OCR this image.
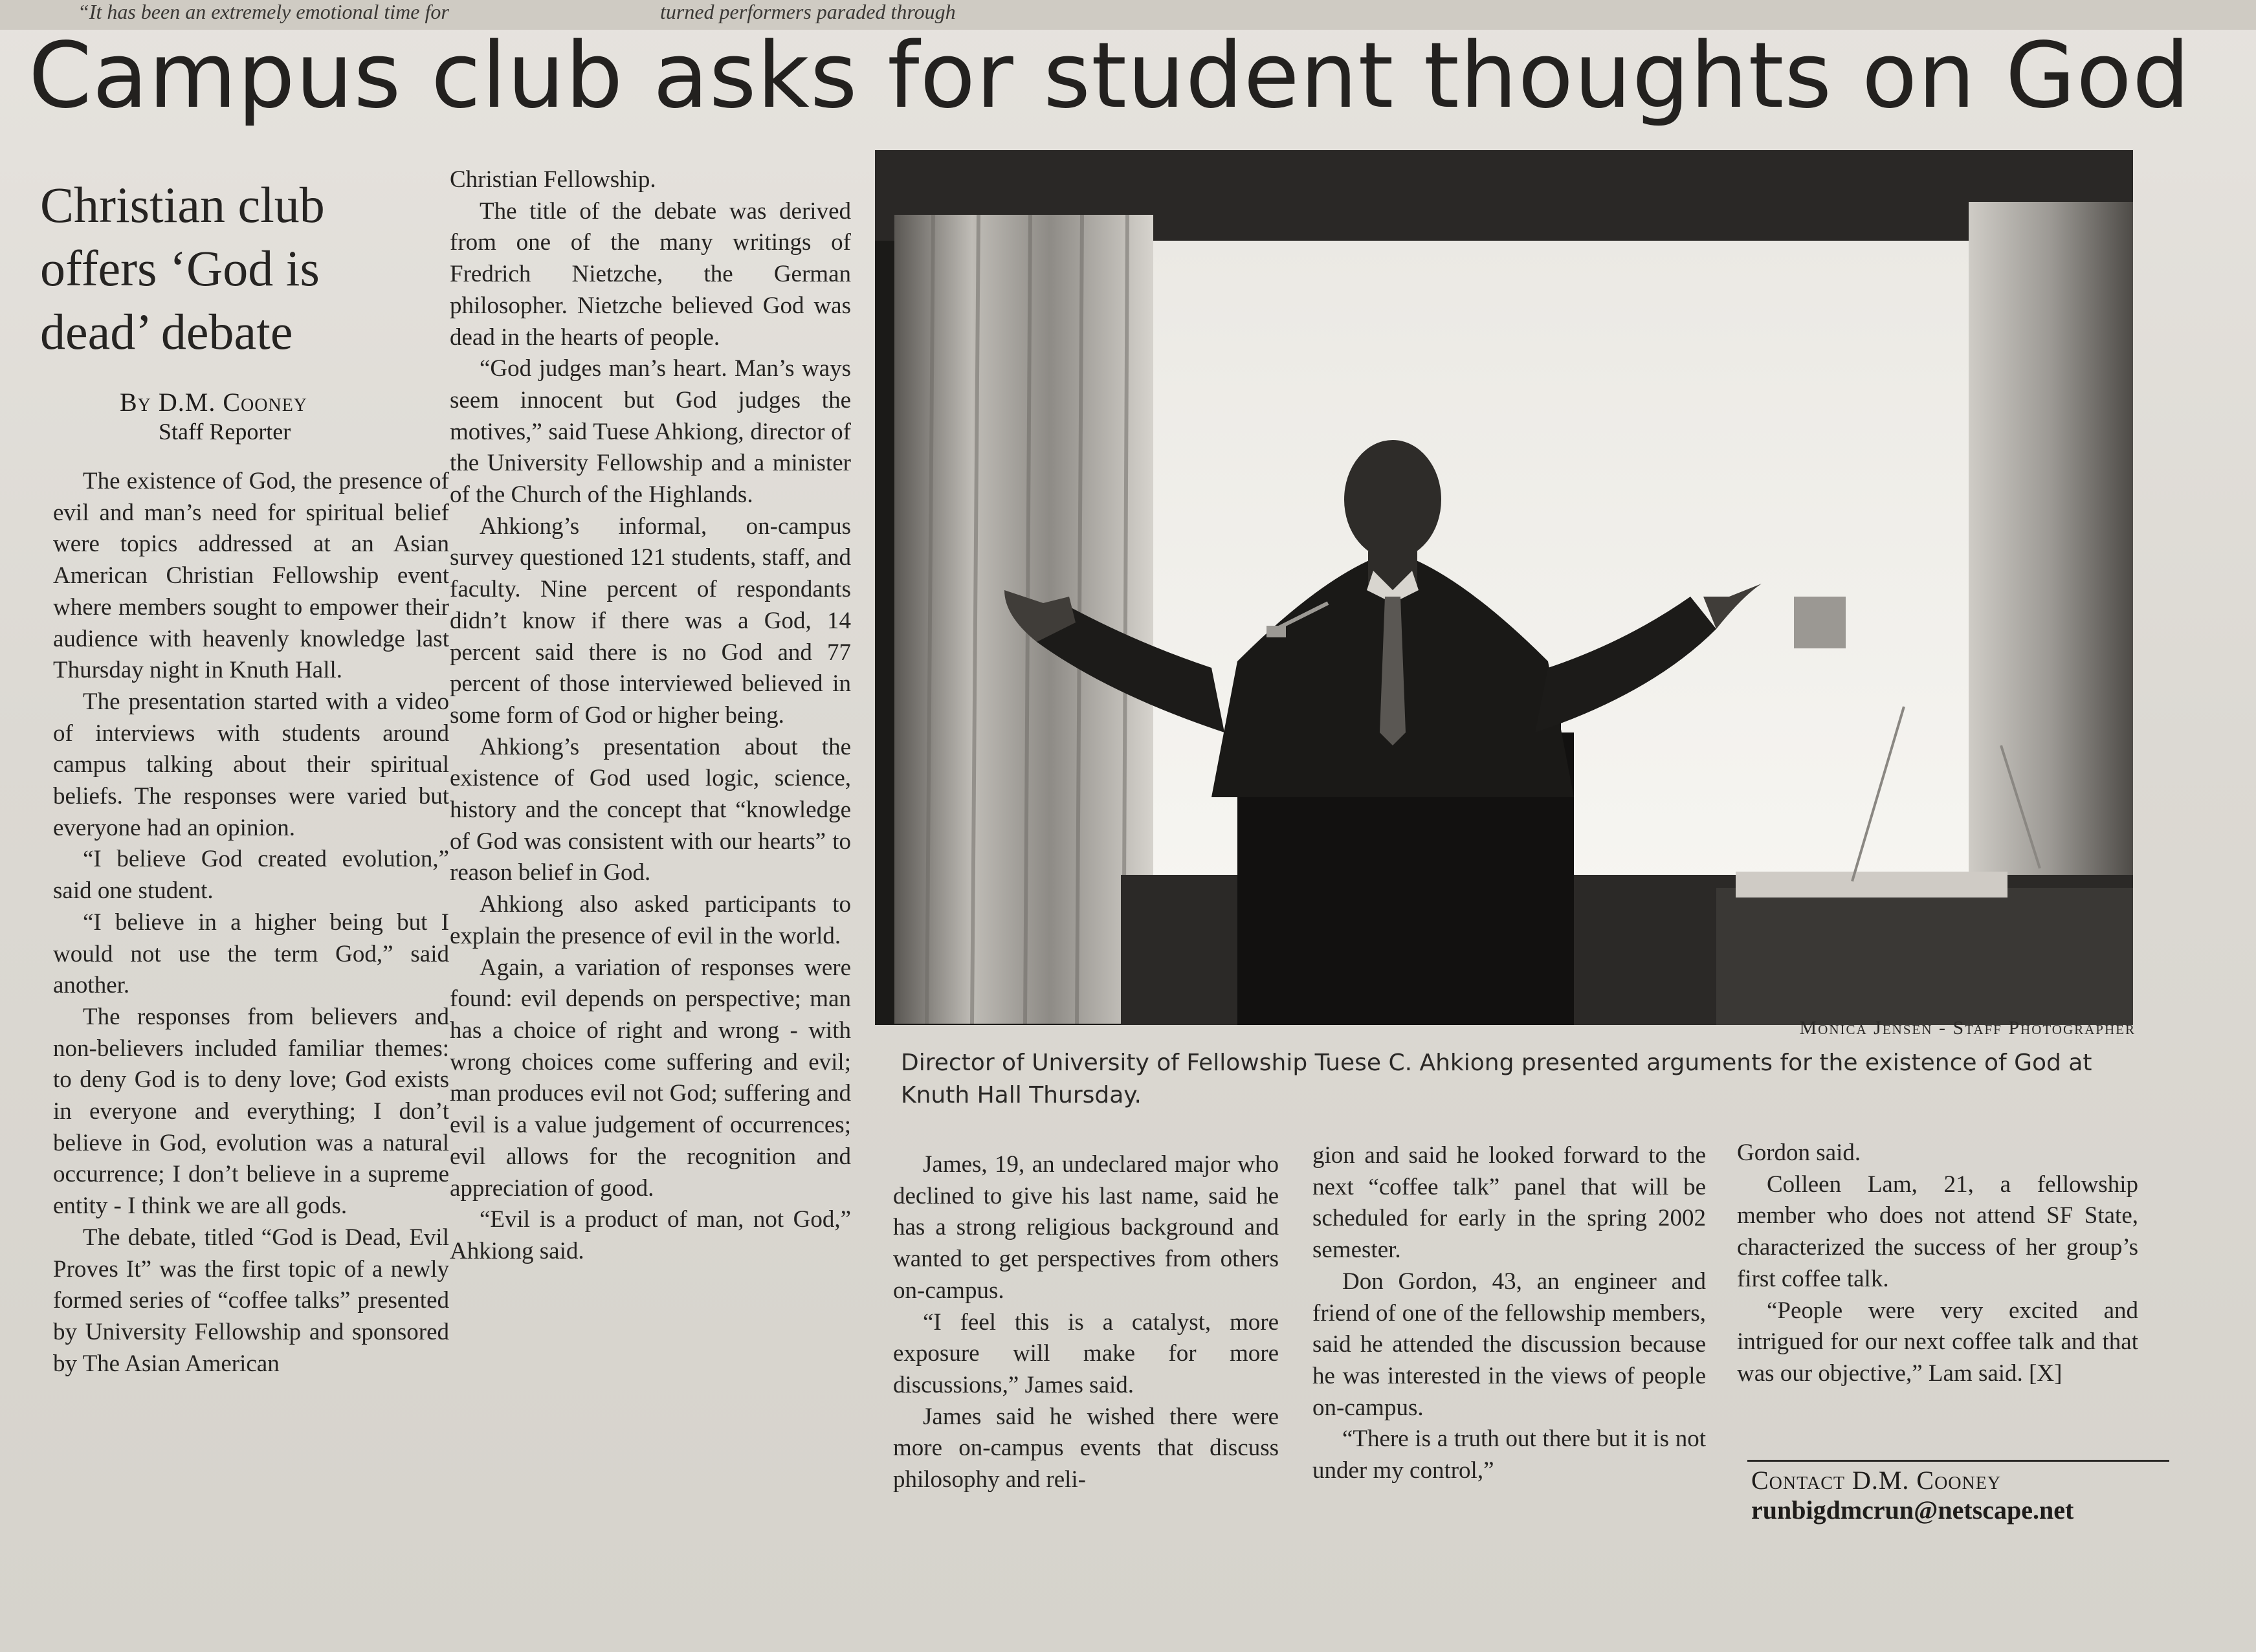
“It has been an extremely emotional time for	turned performers paraded through
Campus club asks for student thoughts on God
Christian club offers ‘God is dead’ debate
By D.M. Cooney
Staff Reporter

The existence of God, the presence of evil and man’s need for spiritual belief were topics addressed at an Asian American Christian Fellowship event where members sought to empower their audience with heavenly knowledge last Thursday night in Knuth Hall.

The presentation started with a video of interviews with students around campus talking about their spiritual beliefs. The responses were varied but everyone had an opinion.

“I believe God created evolution,” said one student.

“I believe in a higher being but I would not use the term God,” said another.

The responses from believers and non-believers included familiar themes: to deny God is to deny love; God exists in everyone and everything; I don’t believe in God, evolution was a natural occurrence; I don’t believe in a supreme entity - I think we are all gods.

The debate, titled “God is Dead, Evil Proves It” was the first topic of a newly formed series of “coffee talks” presented by University Fellowship and sponsored by The Asian American

Christian Fellowship.

The title of the debate was derived from one of the many writings of Fredrich Nietzche, the German philosopher. Nietzche believed God was dead in the hearts of people.

“God judges man’s heart. Man’s ways seem innocent but God judges the motives,” said Tuese Ahkiong, director of the University Fellowship and a minister of the Church of the Highlands.

Ahkiong’s informal, on-campus survey questioned 121 students, staff, and faculty. Nine percent of respondants didn’t know if there was a God, 14 percent said there is no God and 77 percent of those interviewed believed in some form of God or higher being.

Ahkiong’s presentation about the existence of God used logic, science, history and the concept that “knowledge of God was consistent with our hearts” to reason belief in God.

Ahkiong also asked participants to explain the presence of evil in the world.

Again, a variation of responses were found: evil depends on perspective; man has a choice of right and wrong - with wrong choices come suffering and evil; man produces evil not God; suffering and evil is a value judgement of occurrences; evil allows for the recognition and appreciation of good.

“Evil is a product of man, not God,” Ahkiong said.

Monica Jensen - Staff Photographer
Director of University of Fellowship Tuese C. Ahkiong presented arguments for the existence of God at Knuth Hall Thursday.

James, 19, an undeclared major who declined to give his last name, said he has a strong religious background and wanted to get perspectives from others on-campus.

“I feel this is a catalyst, more exposure will make for more discussions,” James said.

James said he wished there were more on-campus events that discuss philosophy and reli-

gion and said he looked forward to the next “coffee talk” panel that will be scheduled for early in the spring 2002 semester.

Don Gordon, 43, an engineer and friend of one of the fellowship members, said he attended the discussion because he was interested in the views of people on-campus.

“There is a truth out there but it is not under my control,”

Gordon said.

Colleen Lam, 21, a fellowship member who does not attend SF State, characterized the success of her group’s first coffee talk.

“People were very excited and intrigued for our next coffee talk and that was our objective,” Lam said. [X]

Contact D.M. Cooney
runbigdmcrun@netscape.net
